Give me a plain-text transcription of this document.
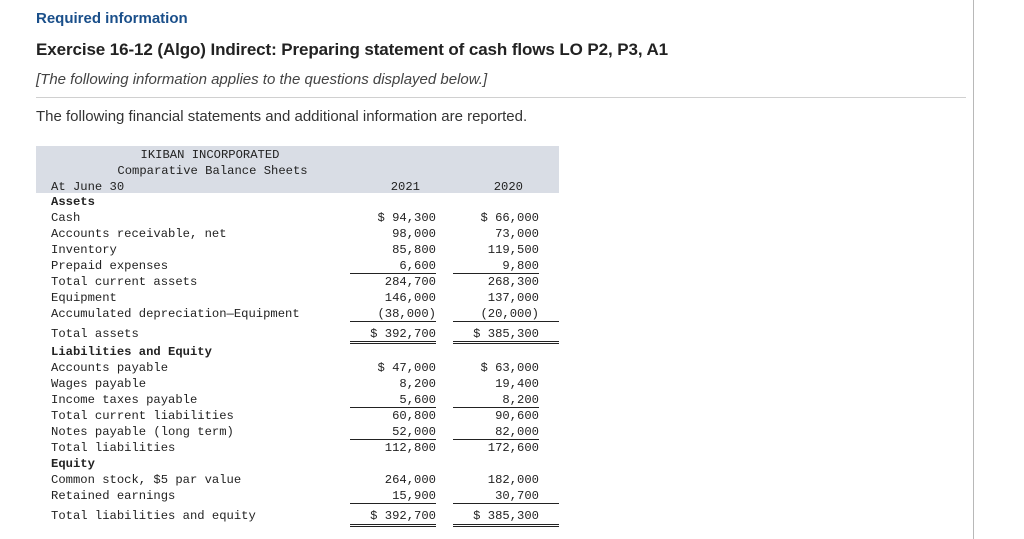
Required information
Exercise 16-12 (Algo) Indirect: Preparing statement of cash flows LO P2, P3, A1
[The following information applies to the questions displayed below.]
The following financial statements and additional information are reported.
IKIBAN INCORPORATED
Comparative Balance Sheets
At June 30	2021	2020
Assets
Cash	$ 94,300	$ 66,000
Accounts receivable, net	98,000	73,000
Inventory	85,800	119,500
Prepaid expenses	6,600	9,800
Total current assets	284,700	268,300
Equipment	146,000	137,000
Accumulated depreciation—Equipment	(38,000)	(20,000)
Total assets	$ 392,700	$ 385,300
Liabilities and Equity
Accounts payable	$ 47,000	$ 63,000
Wages payable	8,200	19,400
Income taxes payable	5,600	8,200
Total current liabilities	60,800	90,600
Notes payable (long term)	52,000	82,000
Total liabilities	112,800	172,600
Equity
Common stock, $5 par value	264,000	182,000
Retained earnings	15,900	30,700
Total liabilities and equity	$ 392,700	$ 385,300
